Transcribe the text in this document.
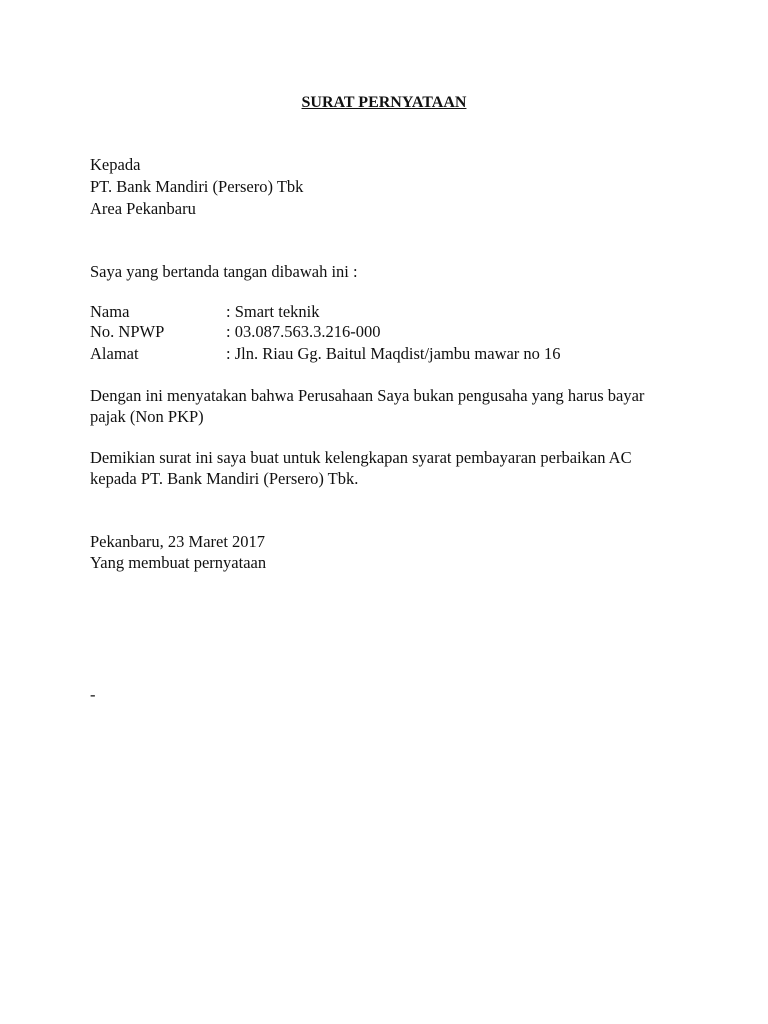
SURAT PERNYATAAN
Kepada
PT. Bank Mandiri (Persero) Tbk
Area Pekanbaru
Saya yang bertanda tangan dibawah ini :
Nama	: Smart teknik
No. NPWP	: 03.087.563.3.216-000
Alamat	: Jln. Riau Gg. Baitul Maqdist/jambu mawar no 16
Dengan ini menyatakan bahwa Perusahaan Saya bukan pengusaha yang harus bayar
pajak (Non PKP)
Demikian surat ini saya buat untuk kelengkapan syarat pembayaran perbaikan AC
kepada PT. Bank Mandiri (Persero) Tbk.
Pekanbaru, 23 Maret 2017
Yang membuat pernyataan
-
